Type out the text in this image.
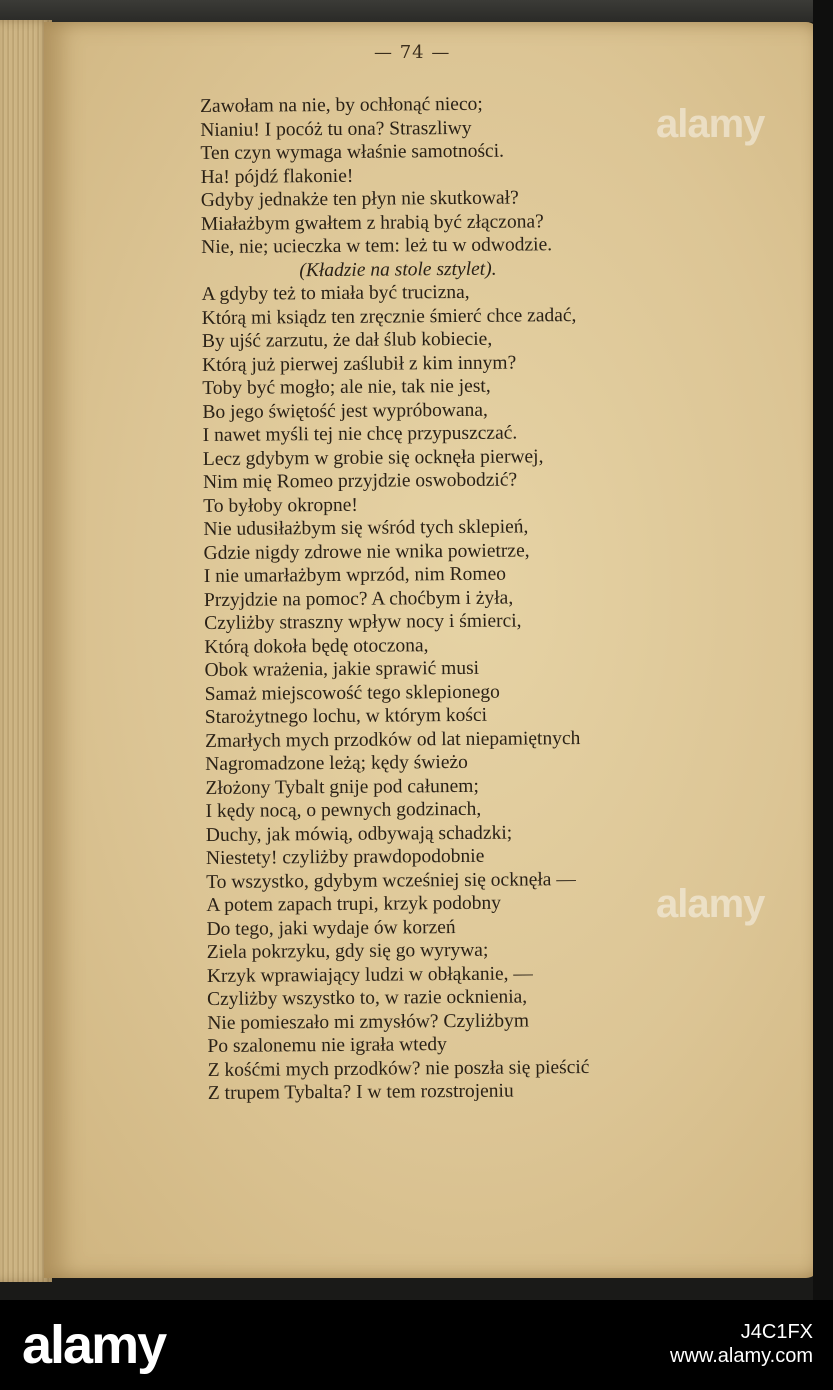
— 74 —
Zawołam na nie, by ochłonąć nieco;
Nianiu! I pocóż tu ona? Straszliwy
Ten czyn wymaga właśnie samotności.
Ha! pójdź flakonie!
Gdyby jednakże ten płyn nie skutkował?
Miałażbym gwałtem z hrabią być złączona?
Nie, nie; ucieczka w tem: leż tu w odwodzie.
(Kładzie na stole sztylet).
A gdyby też to miała być trucizna,
Którą mi ksiądz ten zręcznie śmierć chce zadać,
By ujść zarzutu, że dał ślub kobiecie,
Którą już pierwej zaślubił z kim innym?
Toby być mogło; ale nie, tak nie jest,
Bo jego świętość jest wypróbowana,
I nawet myśli tej nie chcę przypuszczać.
Lecz gdybym w grobie się ocknęła pierwej,
Nim mię Romeo przyjdzie oswobodzić?
To byłoby okropne!
Nie udusiłażbym się wśród tych sklepień,
Gdzie nigdy zdrowe nie wnika powietrze,
I nie umarłażbym wprzód, nim Romeo
Przyjdzie na pomoc? A choćbym i żyła,
Czyliżby straszny wpływ nocy i śmierci,
Którą dokoła będę otoczona,
Obok wrażenia, jakie sprawić musi
Samaż miejscowość tego sklepionego
Starożytnego lochu, w którym kości
Zmarłych mych przodków od lat niepamiętnych
Nagromadzone leżą; kędy świeżo
Złożony Tybalt gnije pod całunem;
I kędy nocą, o pewnych godzinach,
Duchy, jak mówią, odbywają schadzki;
Niestety! czyliżby prawdopodobnie
To wszystko, gdybym wcześniej się ocknęła —
A potem zapach trupi, krzyk podobny
Do tego, jaki wydaje ów korzeń
Ziela pokrzyku, gdy się go wyrywa;
Krzyk wprawiający ludzi w obłąkanie, —
Czyliżby wszystko to, w razie ocknienia,
Nie pomieszało mi zmysłów? Czyliżbym
Po szalonemu nie igrała wtedy
Z kośćmi mych przodków? nie poszła się pieścić
Z trupem Tybalta? I w tem rozstrojeniu
alamy
alamy
alamy	J4C1FX
www.alamy.com
